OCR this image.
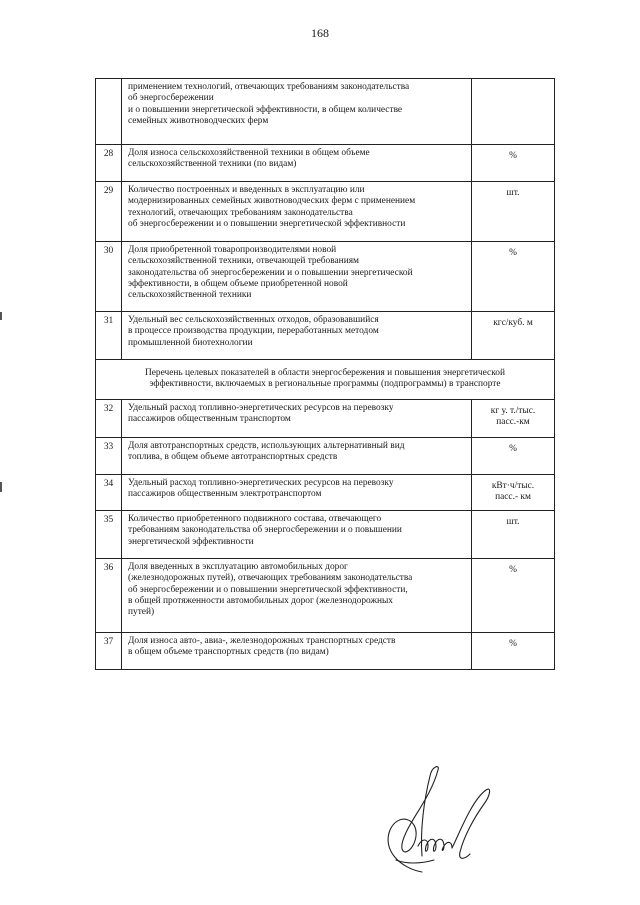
168

	применением технологий, отвечающих требованиям законодательства
об энергосбережении
и о повышении энергетической эффективности, в общем количестве
семейных животноводческих ферм	

28	Доля износа сельскохозяйственной техники в общем объеме
сельскохозяйственной техники (по видам)	%
29	Количество построенных и введенных в эксплуатацию или
модернизированных семейных животноводческих ферм с применением
технологий, отвечающих требованиям законодательства
об энергосбережении и о повышении энергетической эффективности	шт.
30	Доля приобретенной товаропроизводителями новой
сельскохозяйственной техники, отвечающей требованиям
законодательства об энергосбережении и о повышении энергетической
эффективности, в общем объеме приобретенной новой
сельскохозяйственной техники	%
31	Удельный вес сельскохозяйственных отходов, образовавшийся
в процессе производства продукции, переработанных методом
промышленной биотехнологии	кгс/куб. м

Перечень целевых показателей в области энергосбережения и повышения энергетической
эффективности, включаемых в региональные программы (подпрограммы) в транспорте		

32	Удельный расход топливно-энергетических ресурсов на перевозку
пассажиров общественным транспортом	кг у. т./тыс.
пасс.-км

33	Доля автотранспортных средств, использующих альтернативный вид
топлива, в общем объеме автотранспортных средств	%

34	Удельный расход топливно-энергетических ресурсов на перевозку
пассажиров общественным электротранспортом	кВт·ч/тыс.
пасс.- км

35	Количество приобретенного подвижного состава, отвечающего
требованиям законодательства об энергосбережении и о повышении
энергетической эффективности	шт.

36	Доля введенных в эксплуатацию автомобильных дорог
(железнодорожных путей), отвечающих требованиям законодательства
об энергосбережении и о повышении энергетической эффективности,
в общей протяженности автомобильных дорог (железнодорожных
путей)	%

37	Доля износа авто-, авиа-, железнодорожных транспортных средств
в общем объеме транспортных средств (по видам)	%
